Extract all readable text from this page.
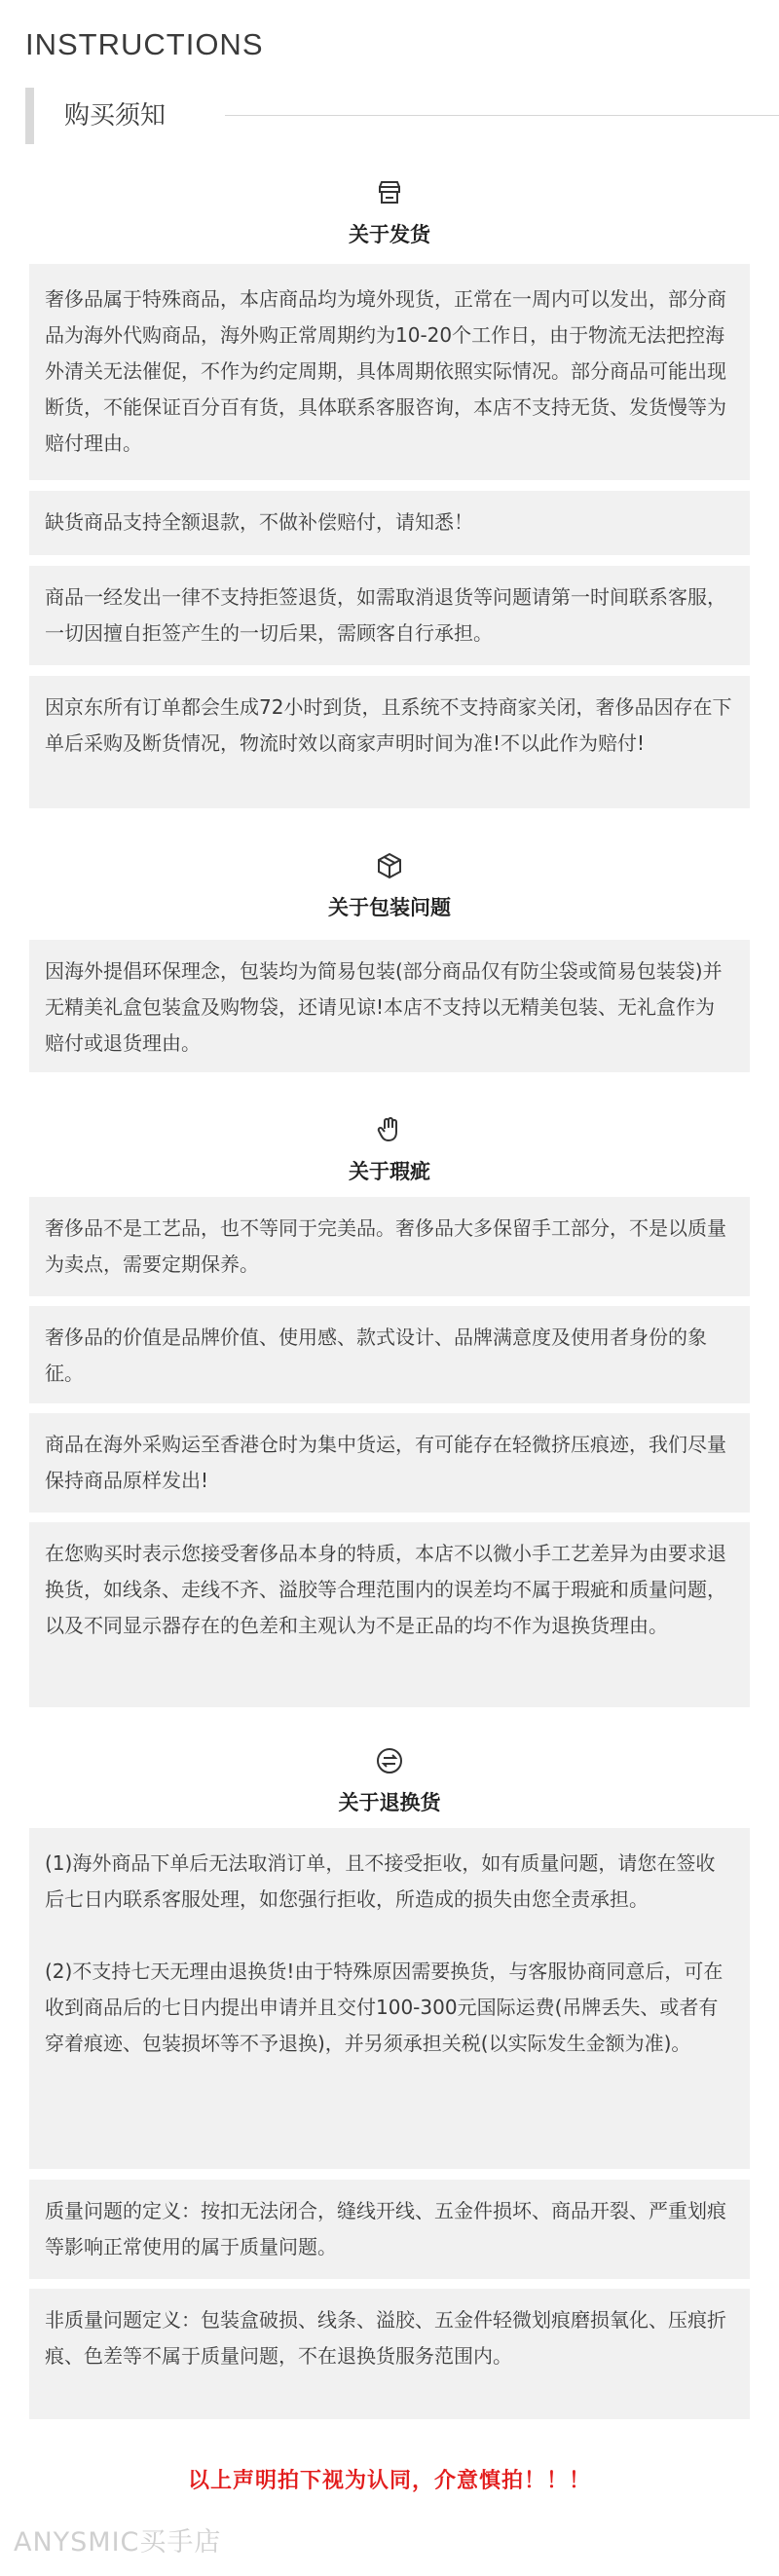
INSTRUCTIONS
购买须知
关于发货
奢侈品属于特殊商品，本店商品均为境外现货，正常在一周内可以发出，部分商品为海外代购商品，海外购正常周期约为10-20个工作日，由于物流无法把控海外清关无法催促，不作为约定周期，具体周期依照实际情况。部分商品可能出现断货，不能保证百分百有货，具体联系客服咨询，本店不支持无货、发货慢等为赔付理由。
缺货商品支持全额退款，不做补偿赔付，请知悉！
商品一经发出一律不支持拒签退货，如需取消退货等问题请第一时间联系客服，一切因擅自拒签产生的一切后果，需顾客自行承担。
因京东所有订单都会生成72小时到货，且系统不支持商家关闭，奢侈品因存在下单后采购及断货情况，物流时效以商家声明时间为准!不以此作为赔付!
关于包装问题
因海外提倡环保理念，包装均为简易包装(部分商品仅有防尘袋或简易包装袋)并无精美礼盒包装盒及购物袋，还请见谅!本店不支持以无精美包装、无礼盒作为赔付或退货理由。
关于瑕疵
奢侈品不是工艺品，也不等同于完美品。奢侈品大多保留手工部分，不是以质量为卖点，需要定期保养。
奢侈品的价值是品牌价值、使用感、款式设计、品牌满意度及使用者身份的象征。
商品在海外采购运至香港仓时为集中货运，有可能存在轻微挤压痕迹，我们尽量保持商品原样发出!
在您购买时表示您接受奢侈品本身的特质，本店不以微小手工艺差异为由要求退换货，如线条、走线不齐、溢胶等合理范围内的误差均不属于瑕疵和质量问题，以及不同显示器存在的色差和主观认为不是正品的均不作为退换货理由。
关于退换货
(1)海外商品下单后无法取消订单，且不接受拒收，如有质量问题，请您在签收后七日内联系客服处理，如您强行拒收，所造成的损失由您全责承担。
(2)不支持七天无理由退换货!由于特殊原因需要换货，与客服协商同意后，可在收到商品后的七日内提出申请并且交付100-300元国际运费(吊牌丢失、或者有穿着痕迹、包装损坏等不予退换)，并另须承担关税(以实际发生金额为准)。
质量问题的定义：按扣无法闭合，缝线开线、五金件损坏、商品开裂、严重划痕等影响正常使用的属于质量问题。
非质量问题定义：包装盒破损、线条、溢胶、五金件轻微划痕磨损氧化、压痕折痕、色差等不属于质量问题，不在退换货服务范围内。
以上声明拍下视为认同，介意慎拍！！！
ANYSMIC买手店
